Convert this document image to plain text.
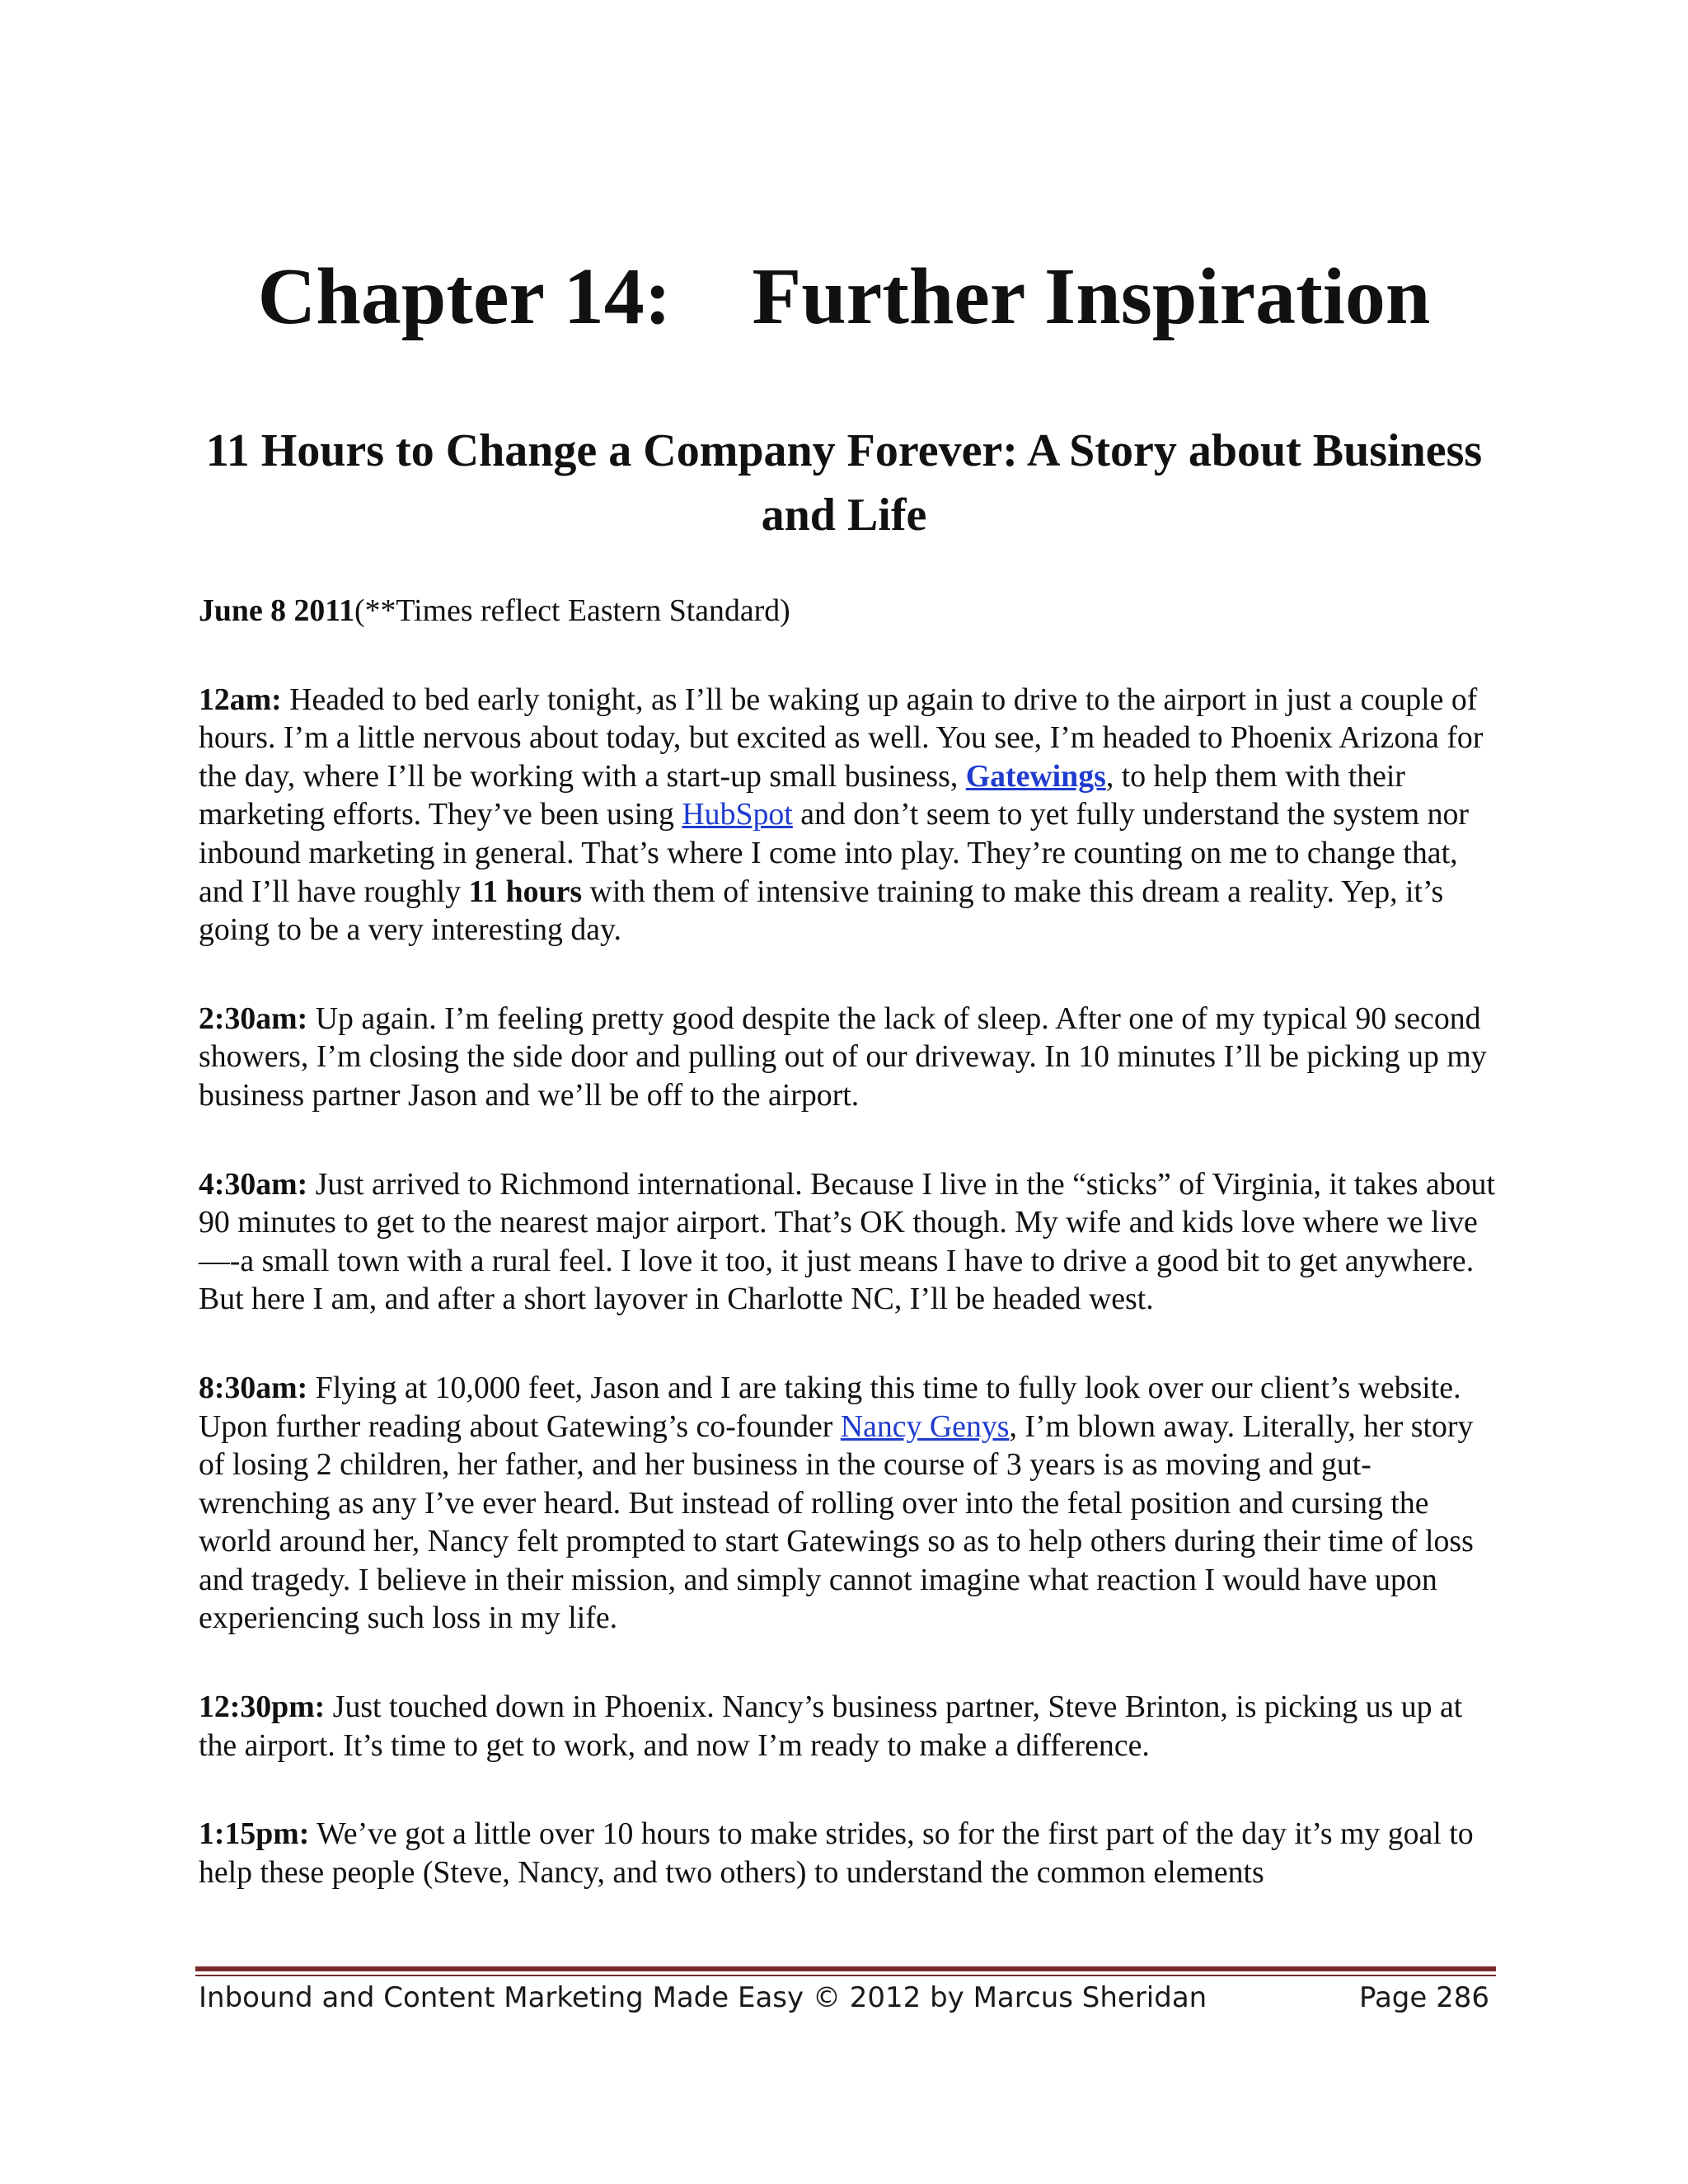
Chapter 14:    Further Inspiration
11 Hours to Change a Company Forever: A Story about Business and Life

June 8 2011(**Times reflect Eastern Standard)

12am: Headed to bed early tonight, as I’ll be waking up again to drive to the airport in just a couple of hours. I’m a little nervous about today, but excited as well. You see, I’m headed to Phoenix Arizona for the day, where I’ll be working with a start-up small business, Gatewings, to help them with their marketing efforts. They’ve been using HubSpot and don’t seem to yet fully understand the system nor inbound marketing in general. That’s where I come into play. They’re counting on me to change that, and I’ll have roughly 11 hours with them of intensive training to make this dream a reality. Yep, it’s going to be a very interesting day.

2:30am: Up again. I’m feeling pretty good despite the lack of sleep. After one of my typical 90 second showers, I’m closing the side door and pulling out of our driveway. In 10 minutes I’ll be picking up my business partner Jason and we’ll be off to the airport.

4:30am: Just arrived to Richmond international. Because I live in the “sticks” of Virginia, it takes about 90 minutes to get to the nearest major airport. That’s OK though. My wife and kids love where we live—-a small town with a rural feel. I love it too, it just means I have to drive a good bit to get anywhere. But here I am, and after a short layover in Charlotte NC, I’ll be headed west.

8:30am: Flying at 10,000 feet, Jason and I are taking this time to fully look over our client’s website. Upon further reading about Gatewing’s co-founder Nancy Genys, I’m blown away. Literally, her story of losing 2 children, her father, and her business in the course of 3 years is as moving and gut-wrenching as any I’ve ever heard. But instead of rolling over into the fetal position and cursing the world around her, Nancy felt prompted to start Gatewings so as to help others during their time of loss and tragedy. I believe in their mission, and simply cannot imagine what reaction I would have upon experiencing such loss in my life.

12:30pm: Just touched down in Phoenix. Nancy’s business partner, Steve Brinton, is picking us up at the airport. It’s time to get to work, and now I’m ready to make a difference.

1:15pm: We’ve got a little over 10 hours to make strides, so for the first part of the day it’s my goal to help these people (Steve, Nancy, and two others) to understand the common elements

Inbound and Content Marketing Made Easy © 2012 by Marcus Sheridan	Page 286
